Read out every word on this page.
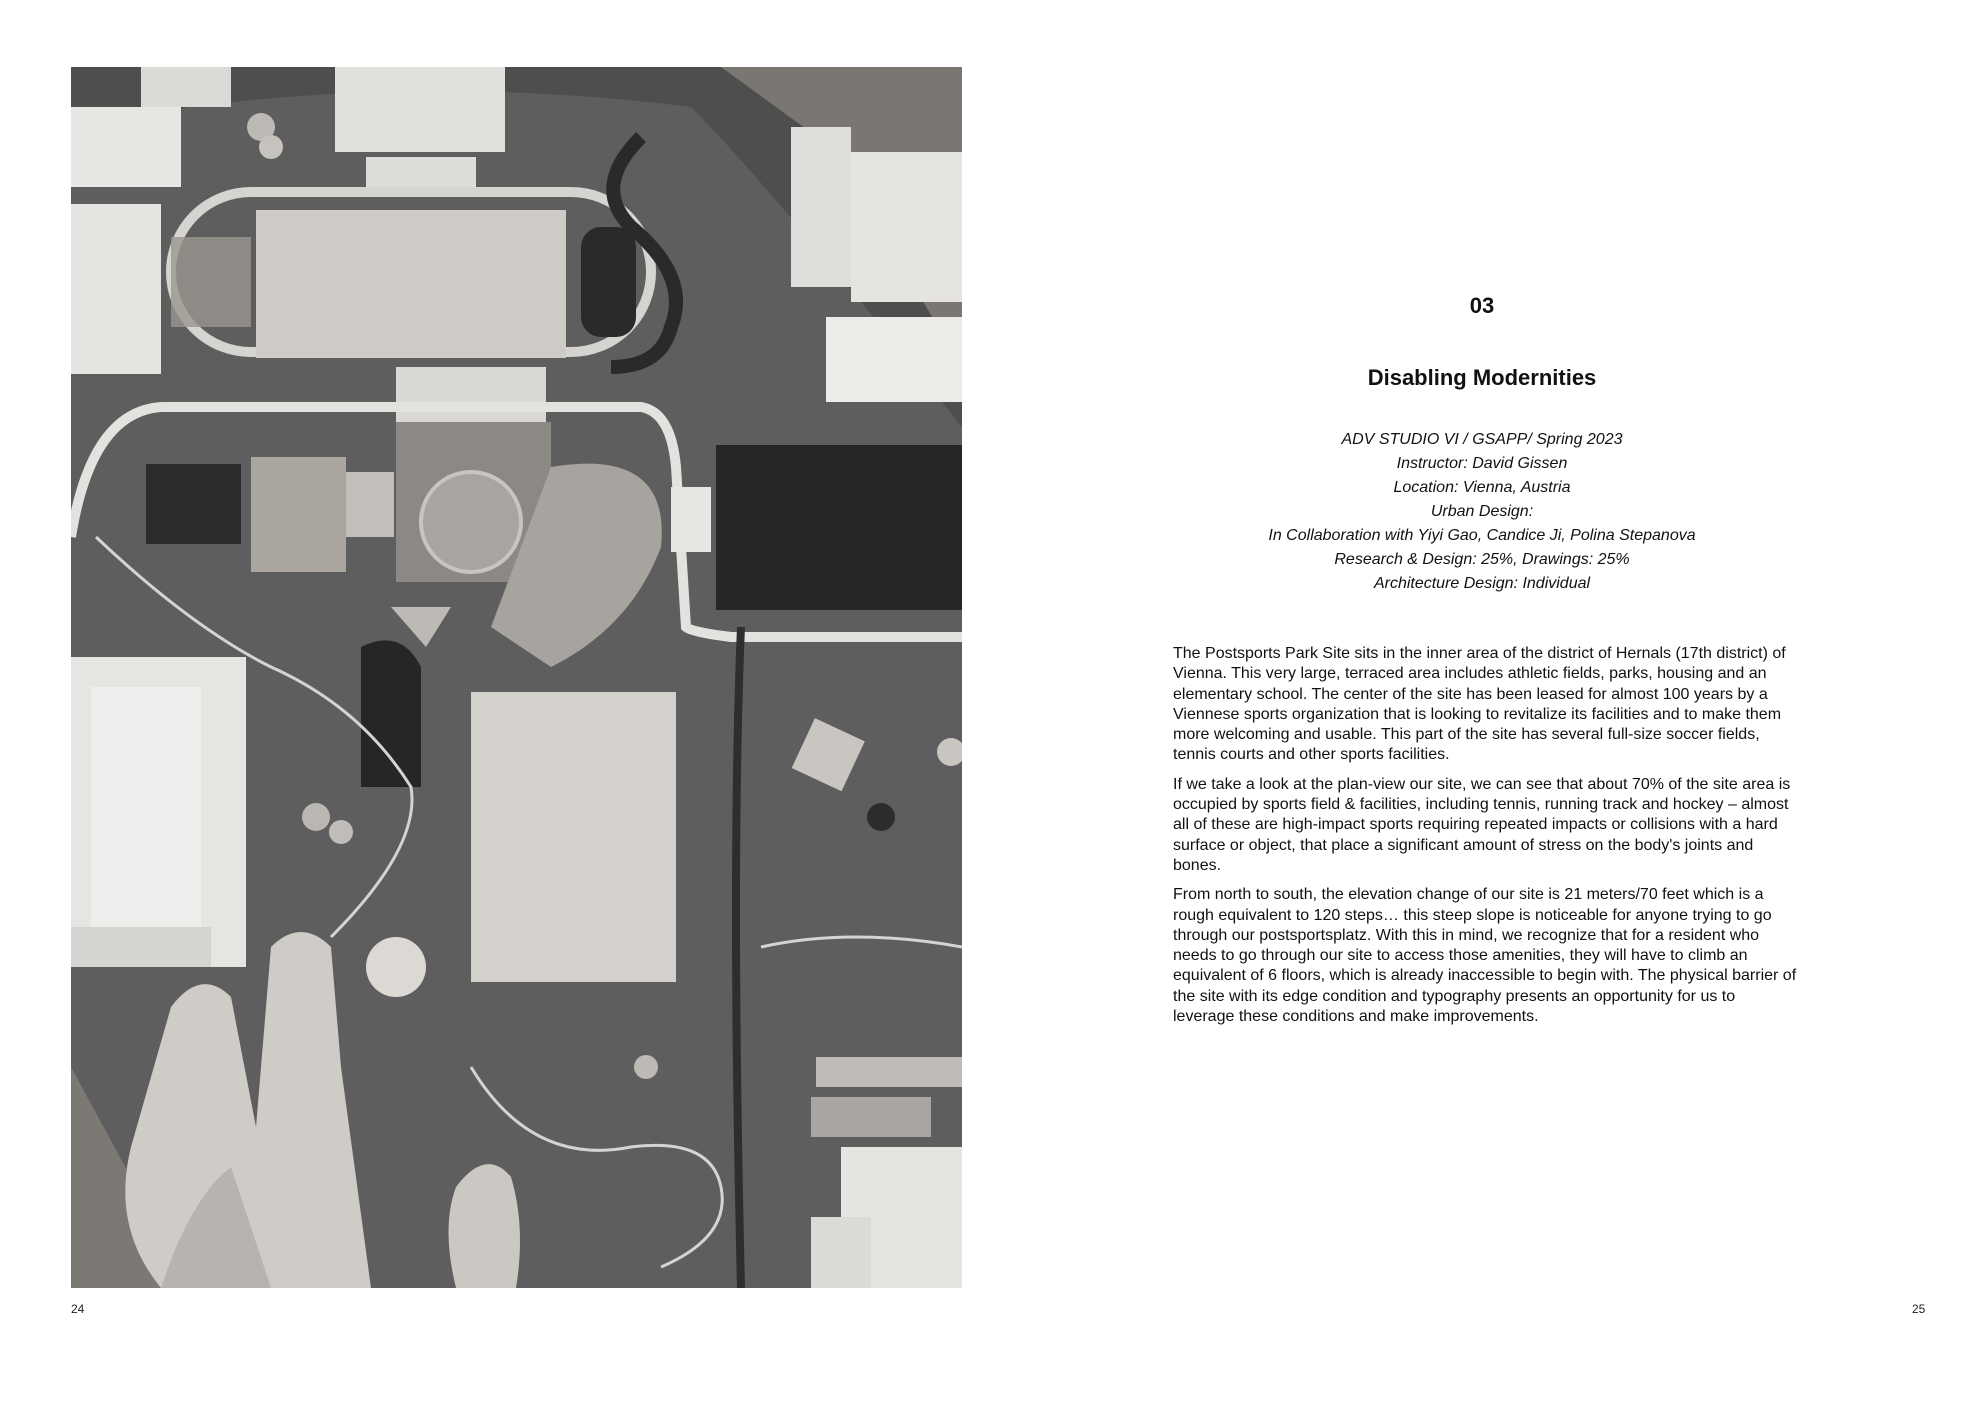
24	25
03
Disabling Modernities
ADV STUDIO VI / GSAPP/ Spring 2023
Instructor: David Gissen
Location: Vienna, Austria
Urban Design:
In Collaboration with Yiyi Gao, Candice Ji, Polina Stepanova
Research & Design: 25%, Drawings: 25%
Architecture Design: Individual

The Postsports Park Site sits in the inner area of the district of Hernals (17th district) of Vienna. This very large, terraced area includes athletic fields, parks, housing and an elementary school. The center of the site has been leased for almost 100 years by a Viennese sports organization that is looking to revitalize its facilities and to make them more welcoming and usable. This part of the site has several full-size soccer fields, tennis courts and other sports facilities.

If we take a look at the plan-view our site, we can see that about 70% of the site area is occupied by sports field & facilities, including tennis, running track and hockey – almost all of these are high-impact sports requiring repeated impacts or collisions with a hard surface or object, that place a significant amount of stress on the body's joints and bones.

From north to south, the elevation change of our site is 21 meters/70 feet which is a rough equivalent to 120 steps… this steep slope is noticeable for anyone trying to go through our postsportsplatz. With this in mind, we recognize that for a resident who needs to go through our site to access those amenities, they will have to climb an equivalent of 6 floors, which is already inaccessible to begin with. The physical barrier of the site with its edge condition and typography presents an opportunity for us to leverage these conditions and make improvements.
